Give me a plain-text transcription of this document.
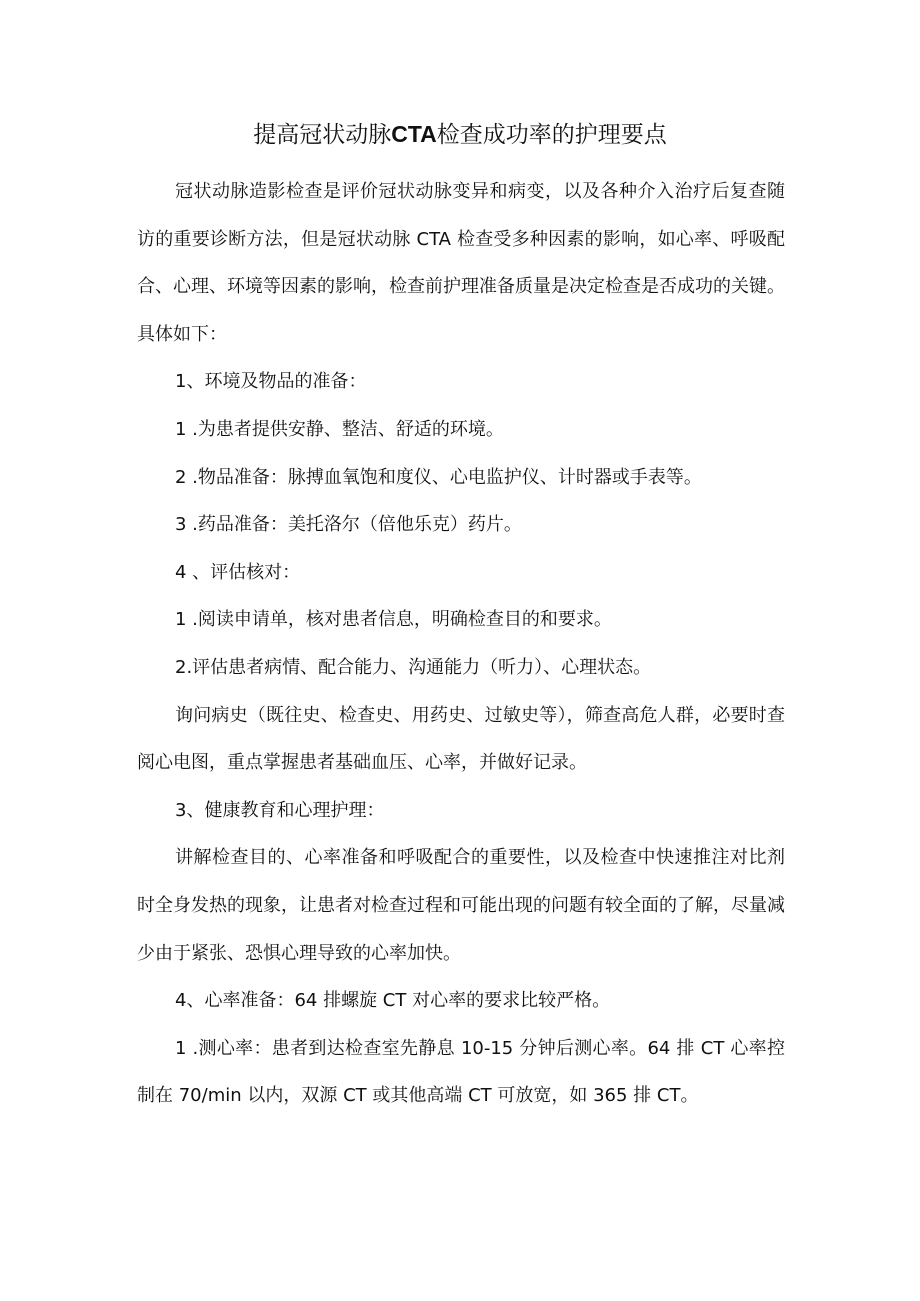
提高冠状动脉CTA检查成功率的护理要点

冠状动脉造影检查是评价冠状动脉变异和病变，以及各种介入治疗后复查随访的重要诊断方法，但是冠状动脉 CTA 检查受多种因素的影响，如心率、呼吸配合、心理、环境等因素的影响，检查前护理准备质量是决定检查是否成功的关键。具体如下：

1、环境及物品的准备：

1 .为患者提供安静、整洁、舒适的环境。

2 .物品准备：脉搏血氧饱和度仪、心电监护仪、计时器或手表等。

3 .药品准备：美托洛尔（倍他乐克）药片。

4 、评估核对：

1 .阅读申请单，核对患者信息，明确检查目的和要求。

2.评估患者病情、配合能力、沟通能力（听力）、心理状态。

询问病史（既往史、检查史、用药史、过敏史等），筛查高危人群，必要时查阅心电图，重点掌握患者基础血压、心率，并做好记录。

3、健康教育和心理护理：

讲解检查目的、心率准备和呼吸配合的重要性，以及检查中快速推注对比剂时全身发热的现象，让患者对检查过程和可能出现的问题有较全面的了解，尽量减少由于紧张、恐惧心理导致的心率加快。

4、心率准备：64 排螺旋 CT 对心率的要求比较严格。

1 .测心率：患者到达检查室先静息 10-15 分钟后测心率。64 排 CT 心率控制在 70/min 以内，双源 CT 或其他高端 CT 可放宽，如 365 排 CT。
